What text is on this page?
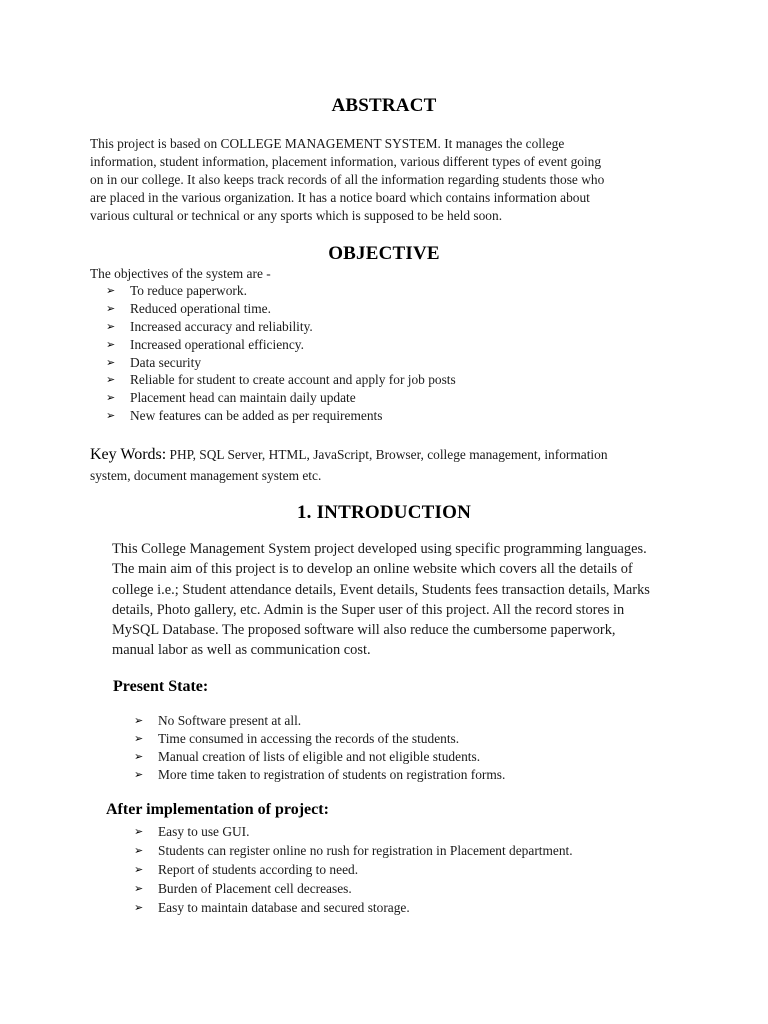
ABSTRACT
This project is based on COLLEGE MANAGEMENT SYSTEM. It manages the college
information, student information, placement information, various different types of event going
on in our college. It also keeps track records of all the information regarding students those who
are placed in the various organization. It has a notice board which contains information about
various cultural or technical or any sports which is supposed to be held soon.
OBJECTIVE
The objectives of the system are -
➢ To reduce paperwork.
➢ Reduced operational time.
➢ Increased accuracy and reliability.
➢ Increased operational efficiency.
➢ Data security
➢ Reliable for student to create account and apply for job posts
➢ Placement head can maintain daily update
➢ New features can be added as per requirements
Key Words: PHP, SQL Server, HTML, JavaScript, Browser, college management, information
system, document management system etc.
1. INTRODUCTION
This College Management System project developed using specific programming languages.
The main aim of this project is to develop an online website which covers all the details of
college i.e.; Student attendance details, Event details, Students fees transaction details, Marks
details, Photo gallery, etc. Admin is the Super user of this project. All the record stores in
MySQL Database. The proposed software will also reduce the cumbersome paperwork,
manual labor as well as communication cost.
Present State:
➢ No Software present at all.
➢ Time consumed in accessing the records of the students.
➢ Manual creation of lists of eligible and not eligible students.
➢ More time taken to registration of students on registration forms.
After implementation of project:
➢ Easy to use GUI.
➢ Students can register online no rush for registration in Placement department.
➢ Report of students according to need.
➢ Burden of Placement cell decreases.
➢ Easy to maintain database and secured storage.
